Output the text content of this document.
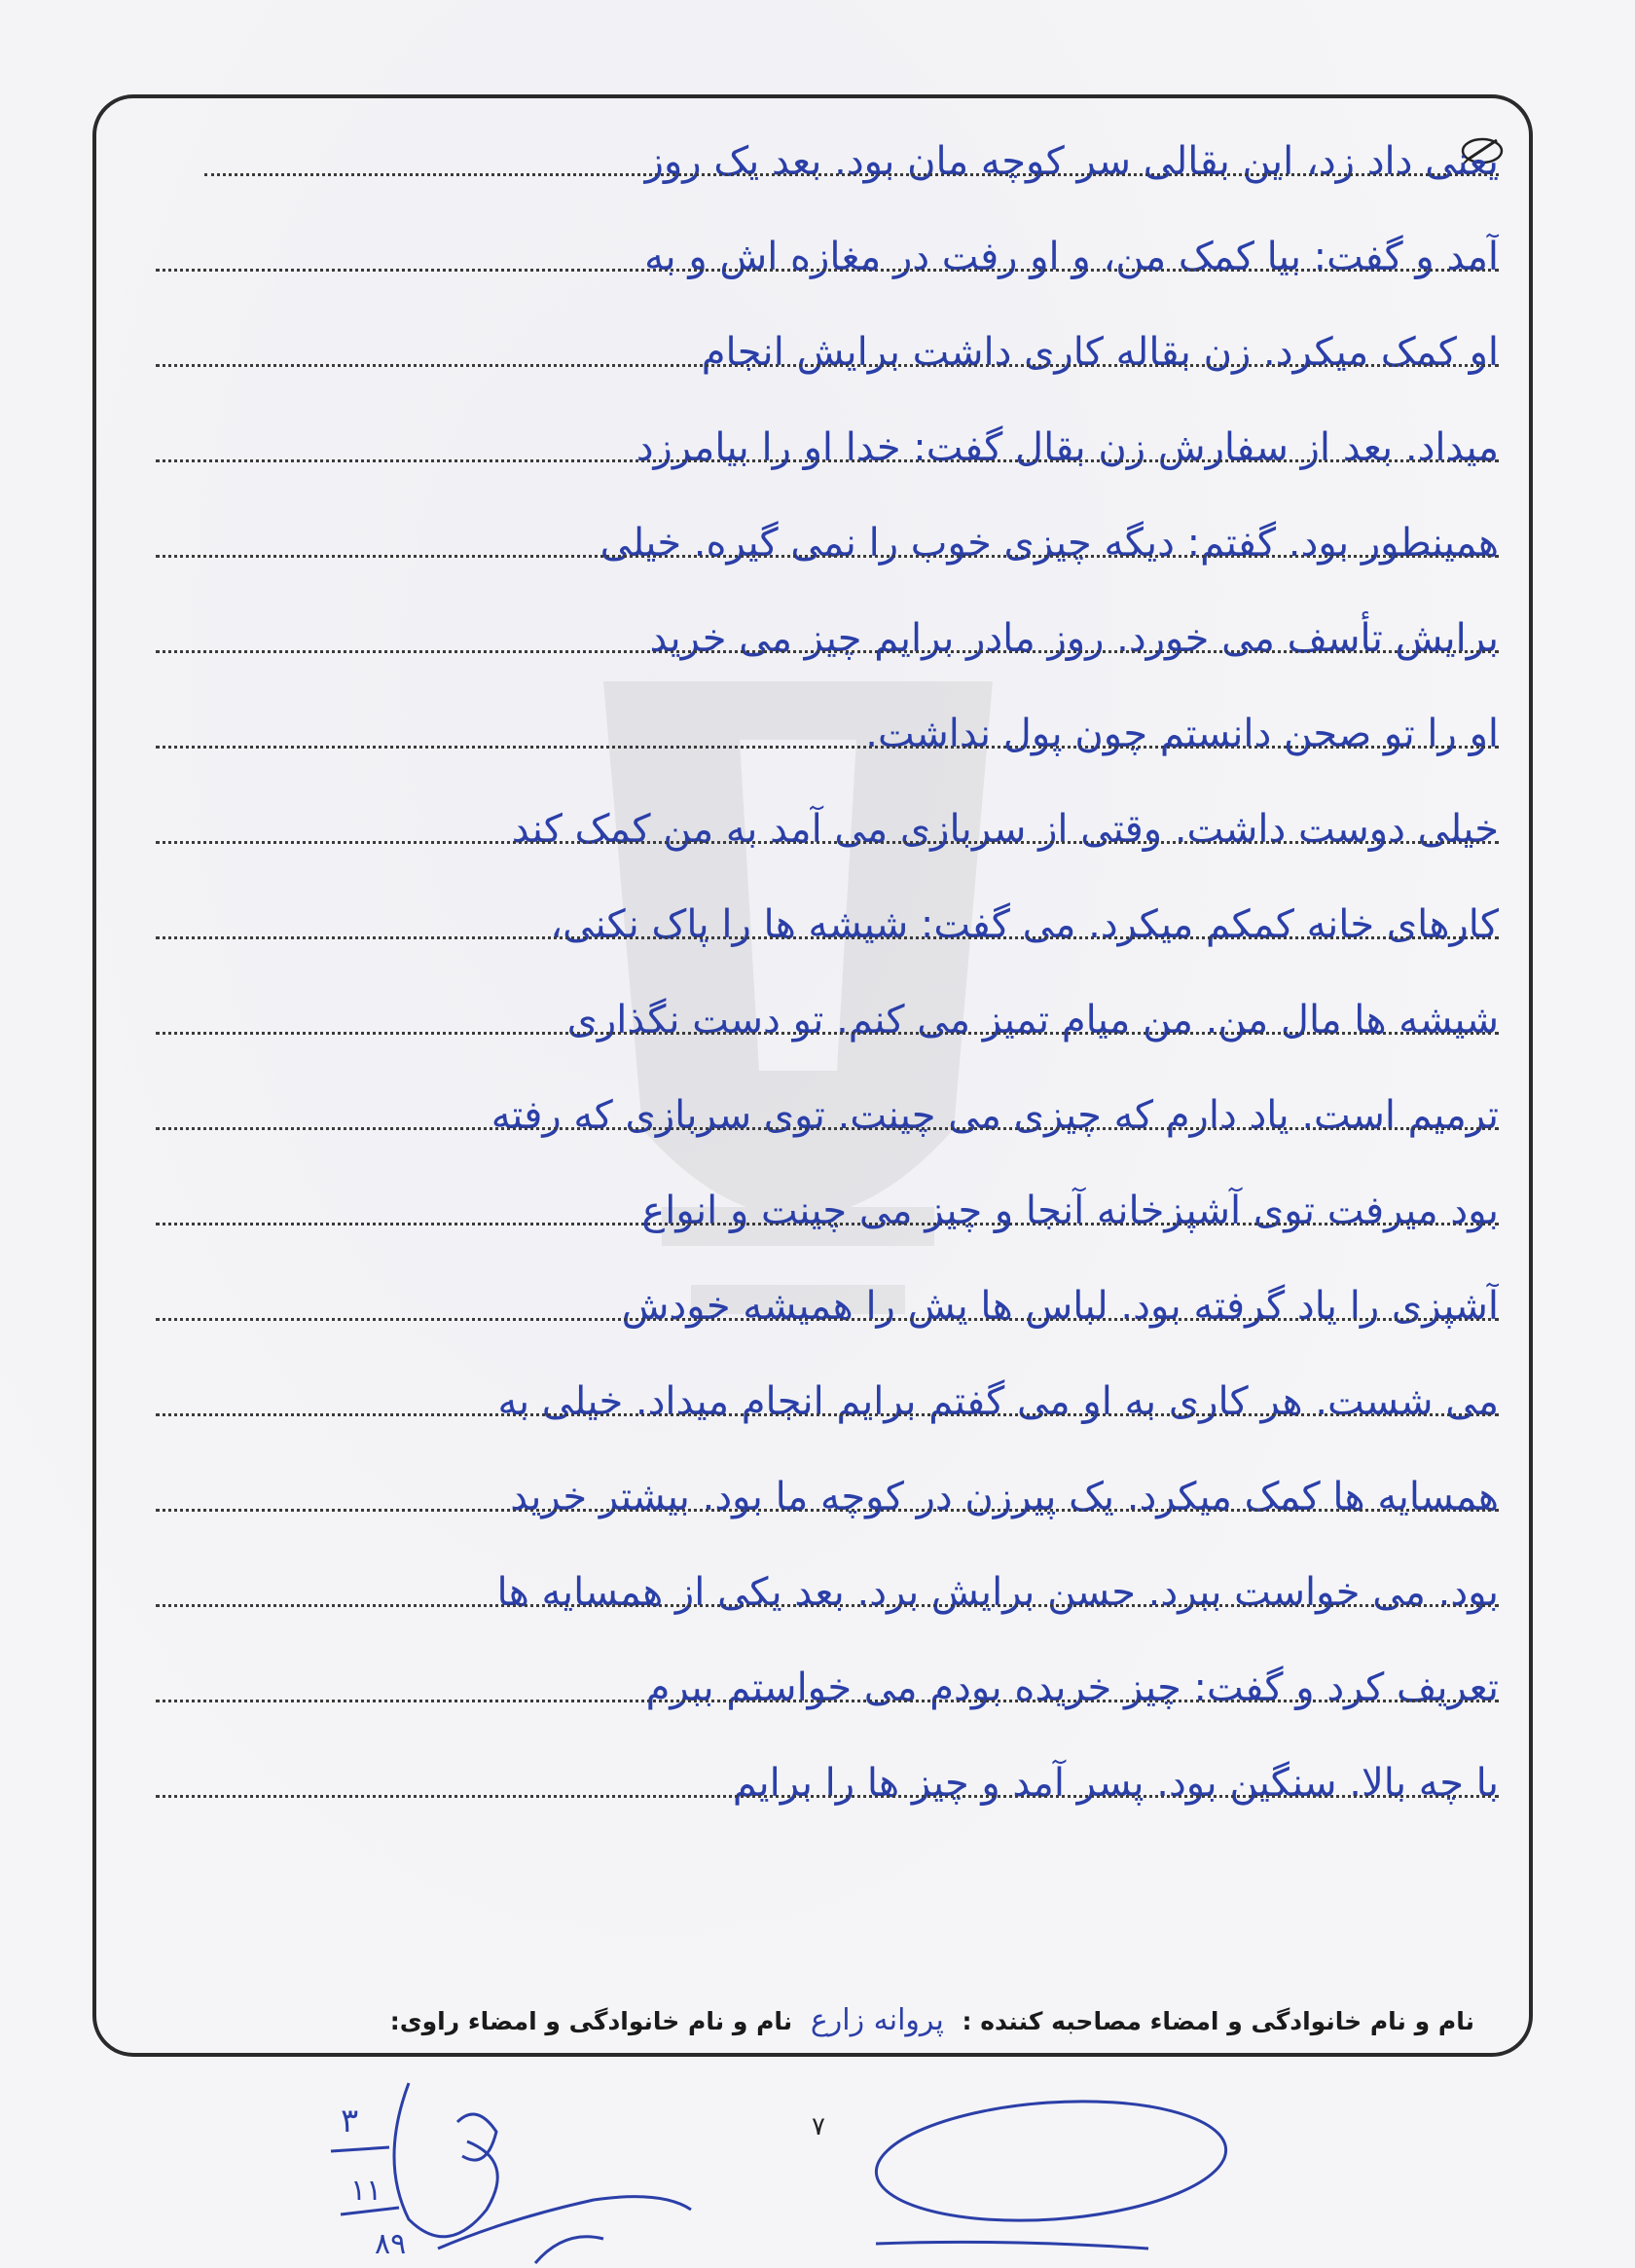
یعنی داد زد، این بقالی سر کوچه مان بود. بعد یک روز
آمد و گفت: بیا کمک من، و او رفت در مغازه اش و به
او کمک میکرد. زن بقاله کاری داشت برایش انجام
میداد. بعد از سفارش زن بقال گفت: خدا او را بیامرزد
همینطور بود. گفتم: دیگه چیزی خوب را نمی گیره. خیلی
برایش تأسف می خورد. روز مادر برایم چیز می خرید
او را تو صحن دانستم چون پول نداشت.
خیلی دوست داشت. وقتی از سربازی می آمد به من کمک کند
کارهای خانه کمکم میکرد. می گفت: شیشه ها را پاک نکنی،
شیشه ها مال من. من میام تمیز می کنم. تو دست نگذاری
ترمیم است. یاد دارم که چیزی می چینت. توی سربازی که رفته
بود میرفت توی آشپزخانه آنجا و چیز می چینت و انواع
آشپزی را یاد گرفته بود. لباس ها یش را همیشه خودش
می شست. هر کاری به او می گفتم برایم انجام میداد. خیلی به
همسایه ها کمک میکرد. یک پیرزن در کوچه ما بود. بیشتر خرید
بود. می خواست ببرد. حسن برایش برد. بعد یکی از همسایه ها
تعریف کرد و گفت: چیز خریده بودم می خواستم ببرم
با چه بالا. سنگین بود. پسر آمد و چیز ها را برایم
نام و نام خانوادگی و امضاء مصاحبه کننده : پروانه زارع نام و نام خانوادگی و امضاء راوی:
۷
۳
۱۱
۸۹
